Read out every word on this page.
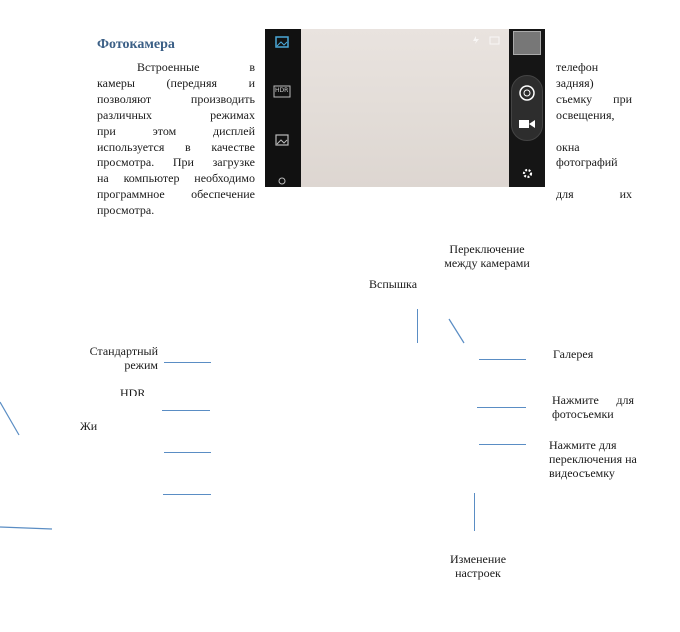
Фотокамера
Встроенные в
камеры (передняя и
позволяют производить
различных режимах
при этом дисплей
используется в качестве
просмотра. При загрузке
на компьютер необходимо
программное обеспечение
просмотра.
телефон
задняя)
съемку при
освещения,
окна
фотографий
для их
HDR
Переключение между камерами
Вспышка
Стандартный режим
HDR
Жи
Галерея
Нажмите для фотосъемки
Нажмите для переключения на видеосъемку
Изменение настроек
